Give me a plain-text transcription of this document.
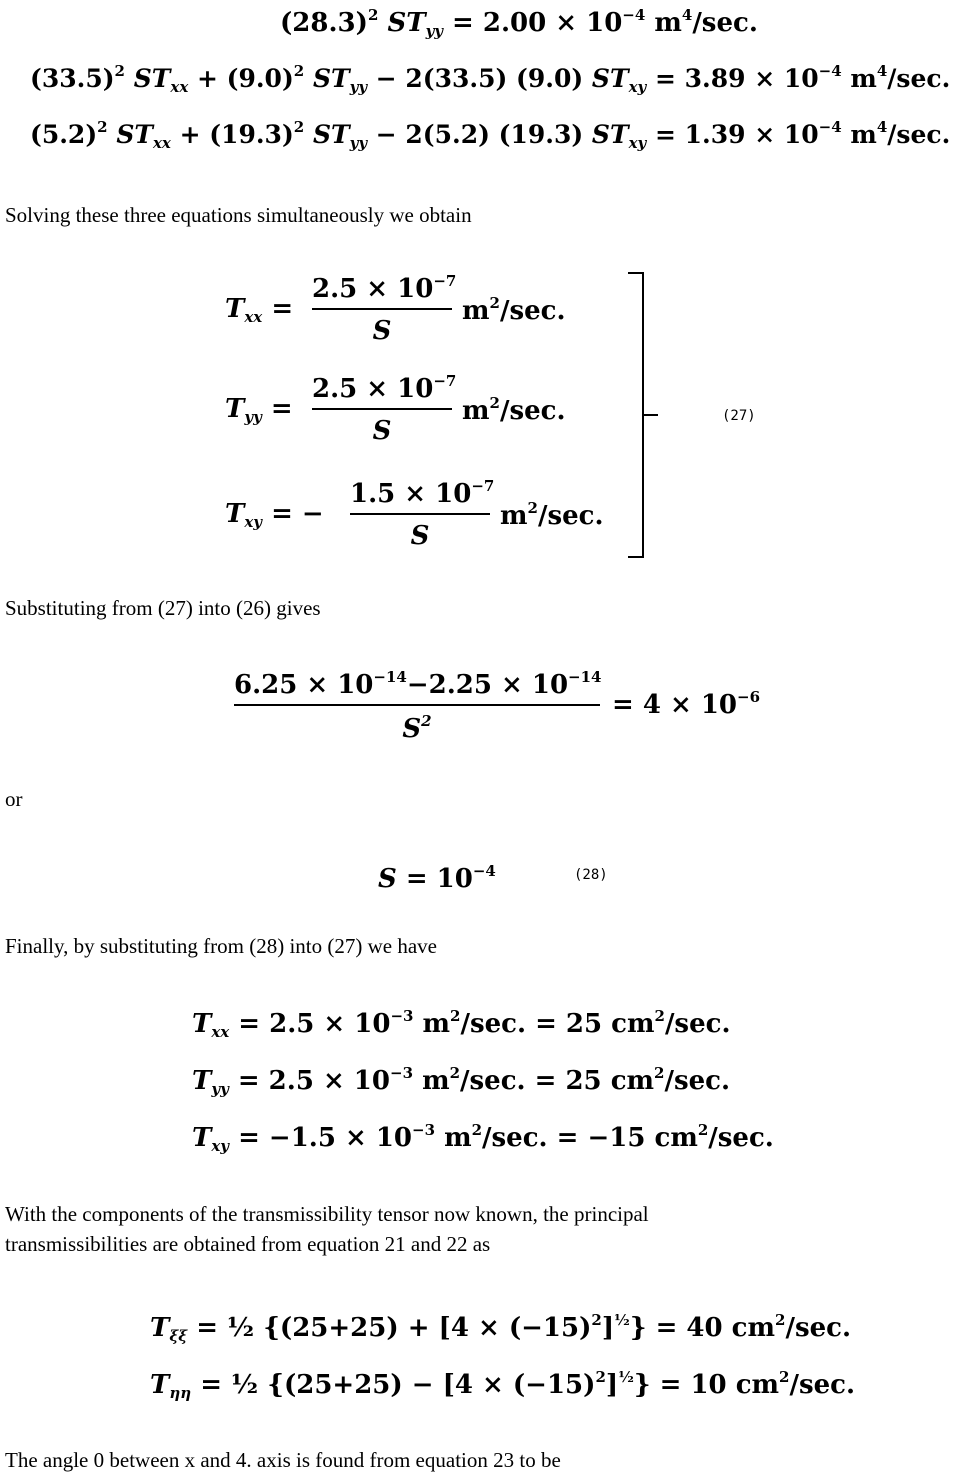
$(28.3)^2$ $ST_{yy} = 2.00 \times 10^{-4}$ $m^4/\sec$.
$(33.5)^2$ $ST_{xx} + (9.0)^2$ $ST_{yy} - 2(33.5)$ (9.0) $ST_{xy} = 3.89 \times 10^{-4}$ $m^4/\sec$.
$(5.2)^2$ $ST_{xx} + (19.3)^2$ $ST_{yy} - 2(5.2)$ (19.3) $ST_{xy} = 1.39 \times 10^{-4}$ $m^4/\sec$.
Solving these three equations simultaneously we obtain
$T_{xx}$ =
$2.5 \times 10^{-7}$
S
$m^2/\sec$.
$T_{yy}$ =
$2.5 \times 10^{-7}$
S
$m^2/\sec$.
$T_{xy}$ = −
$1.5 \times 10^{-7}$
S
$m^2/\sec$.
(27)
Substituting from (27) into (26) gives
$6.25 \times 10^{-14}-2.25 \times 10^{-14}$
$S^2$
= $4 \times 10^{-6}$
or
$S = 10^{-4}$	(28)
Finally, by substituting from (28) into (27) we have
$T_{xx} = 2.5 \times 10^{-3}$ $m^2/\sec$. = 25 $cm^2/\sec$.
$T_{yy} = 2.5 \times 10^{-3}$ $m^2/\sec$. = 25 $cm^2/\sec$.
$T_{xy} = -1.5 \times 10^{-3}$ $m^2/\sec$. = −15 $cm^2/\sec$.
With the components of the transmissibility tensor now known, the principal
transmissibilities are obtained from equation 21 and 22 as
$T_{\xi\xi}$ = ½ $\{(25+25) + [4 \times (-15)^2]^{\frac{1}{2}}\} = 40$ $cm^2/\sec$.
$T_{\eta\eta}$ = ½ $\{(25+25) - [4 \times (-15)^2]^{\frac{1}{2}}\} = 10$ $cm^2/\sec$.
The angle 0 between x and 4. axis is found from equation 23 to be
